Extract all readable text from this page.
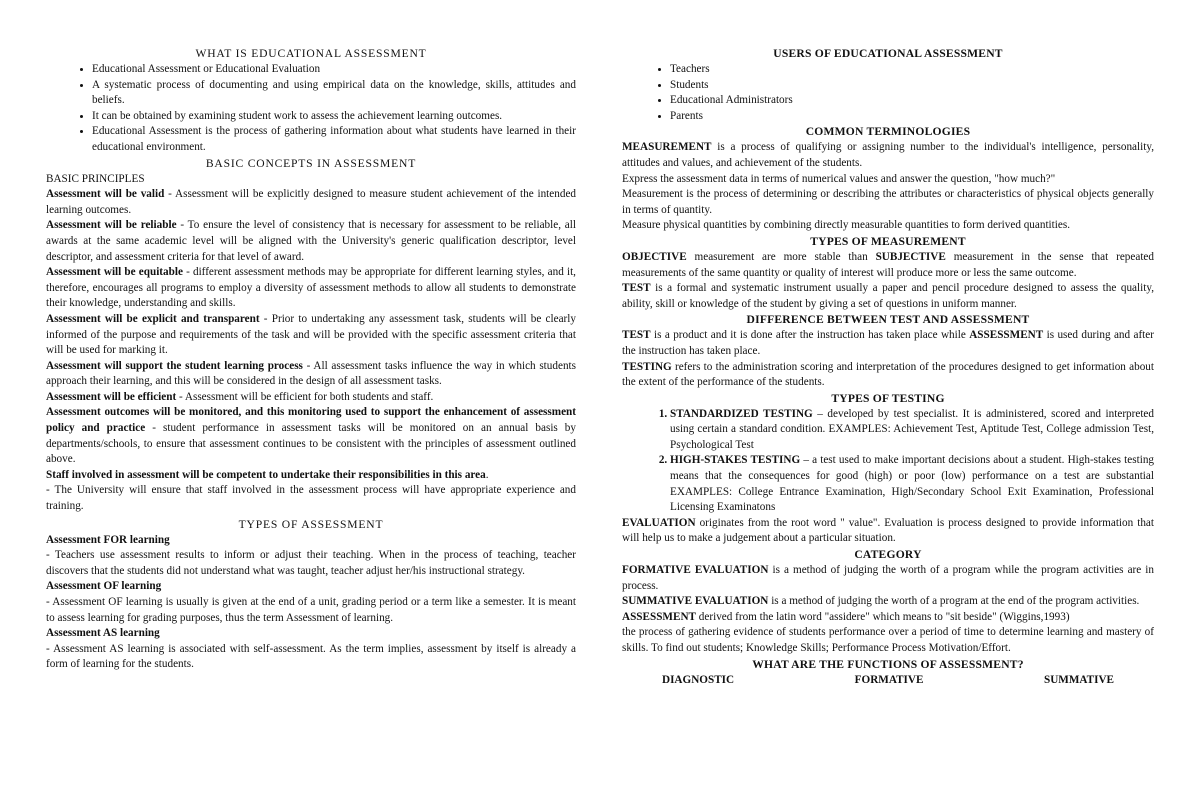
WHAT IS EDUCATIONAL ASSESSMENT
• Educational Assessment or Educational Evaluation
• A systematic process of documenting and using empirical data on the knowledge, skills, attitudes and beliefs.
• It can be obtained by examining student work to assess the achievement learning outcomes.
• Educational Assessment is the process of gathering information about what students have learned in their educational environment.
BASIC CONCEPTS IN ASSESSMENT

BASIC PRINCIPLES

Assessment will be valid - Assessment will be explicitly designed to measure student achievement of the intended learning outcomes.

Assessment will be reliable - To ensure the level of consistency that is necessary for assessment to be reliable, all awards at the same academic level will be aligned with the University's generic qualification descriptor, level descriptor, and assessment criteria for that level of award.

Assessment will be equitable - different assessment methods may be appropriate for different learning styles, and it, therefore, encourages all programs to employ a diversity of assessment methods to allow all students to demonstrate their knowledge, understanding and skills.

Assessment will be explicit and transparent - Prior to undertaking any assessment task, students will be clearly informed of the purpose and requirements of the task and will be provided with the specific assessment criteria that will be used for marking it.

Assessment will support the student learning process - All assessment tasks influence the way in which students approach their learning, and this will be considered in the design of all assessment tasks.

Assessment will be efficient - Assessment will be efficient for both students and staff.

Assessment outcomes will be monitored, and this monitoring used to support the enhancement of assessment policy and practice - student performance in assessment tasks will be monitored on an annual basis by departments/schools, to ensure that assessment continues to be consistent with the principles of assessment outlined above.

Staff involved in assessment will be competent to undertake their responsibilities in this area.

- The University will ensure that staff involved in the assessment process will have appropriate experience and training.

TYPES OF ASSESSMENT

Assessment FOR learning

- Teachers use assessment results to inform or adjust their teaching. When in the process of teaching, teacher discovers that the students did not understand what was taught, teacher adjust her/his instructional strategy.

Assessment OF learning

- Assessment OF learning is usually is given at the end of a unit, grading period or a term like a semester. It is meant to assess learning for grading purposes, thus the term Assessment of learning.

Assessment AS learning

- Assessment AS learning is associated with self-assessment. As the term implies, assessment by itself is already a form of learning for the students.

USERS OF EDUCATIONAL ASSESSMENT
• Teachers
• Students
• Educational Administrators
• Parents
COMMON TERMINOLOGIES

MEASUREMENT is a process of qualifying or assigning number to the individual's intelligence, personality, attitudes and values, and achievement of the students.

Express the assessment data in terms of numerical values and answer the question, "how much?"

Measurement is the process of determining or describing the attributes or characteristics of physical objects generally in terms of quantity.

Measure physical quantities by combining directly measurable quantities to form derived quantities.

TYPES OF MEASUREMENT

OBJECTIVE measurement are more stable than SUBJECTIVE measurement in the sense that repeated measurements of the same quantity or quality of interest will produce more or less the same outcome.

TEST is a formal and systematic instrument usually a paper and pencil procedure designed to assess the quality, ability, skill or knowledge of the student by giving a set of questions in uniform manner.

DIFFERENCE BETWEEN TEST AND ASSESSMENT

TEST is a product and it is done after the instruction has taken place while ASSESSMENT is used during and after the instruction has taken place.

TESTING refers to the administration scoring and interpretation of the procedures designed to get information about the extent of the performance of the students.

TYPES OF TESTING
1. STANDARDIZED TESTING – developed by test specialist. It is administered, scored and interpreted using certain a standard condition. EXAMPLES: Achievement Test, Aptitude Test, College admission Test, Psychological Test
2. HIGH-STAKES TESTING – a test used to make important decisions about a student. High-stakes testing means that the consequences for good (high) or poor (low) performance on a test are substantial EXAMPLES: College Entrance Examination, High/Secondary School Exit Examination, Professional Licensing Examinatons

EVALUATION originates from the root word " value". Evaluation is process designed to provide information that will help us to make a judgement about a particular situation.

CATEGORY

FORMATIVE EVALUATION is a method of judging the worth of a program while the program activities are in process.

SUMMATIVE EVALUATION is a method of judging the worth of a program at the end of the program activities.

ASSESSMENT derived from the latin word "assidere" which means to "sit beside" (Wiggins,1993)

the process of gathering evidence of students performance over a period of time to determine learning and mastery of skills. To find out students; Knowledge Skills; Performance Process Motivation/Effort.

WHAT ARE THE FUNCTIONS OF ASSESSMENT?
DIAGNOSTIC	FORMATIVE	SUMMATIVE
